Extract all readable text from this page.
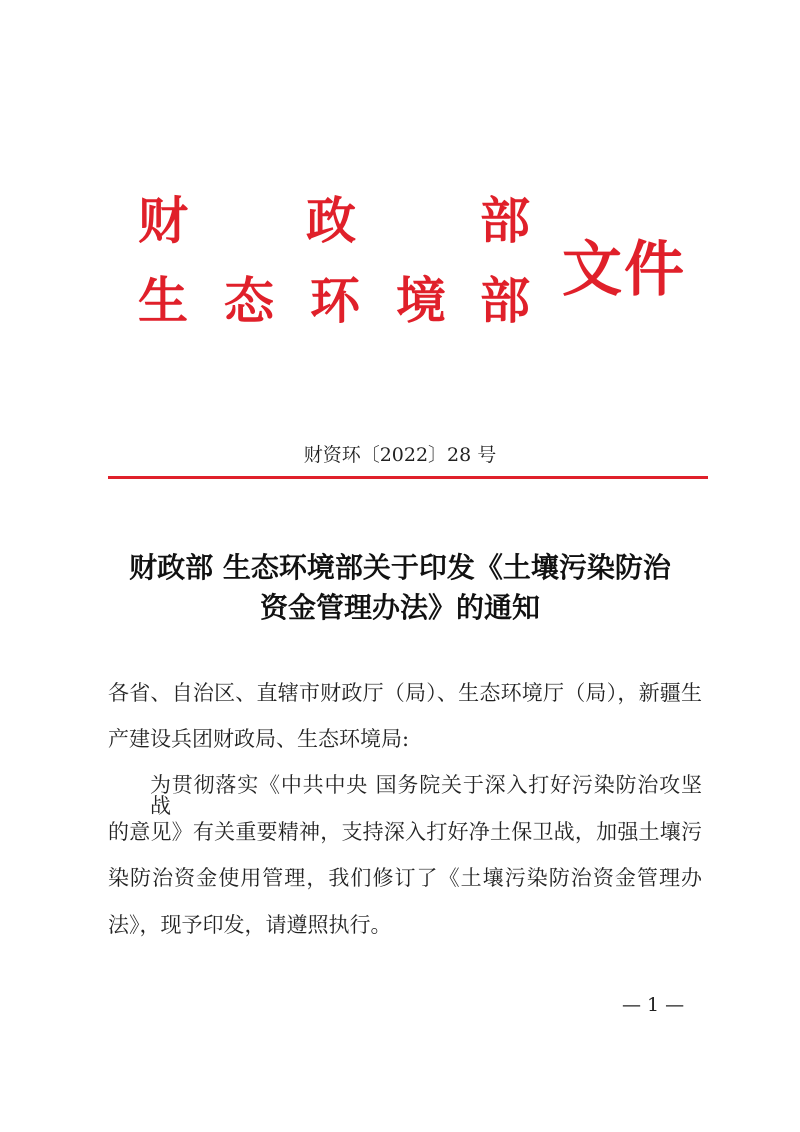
财 政 部
生 态 环 境 部 文件
财资环〔2022〕28 号
财政部 生态环境部关于印发《土壤污染防治
资金管理办法》的通知
各省、自治区、直辖市财政厅（局）、生态环境厅（局），新疆生
产建设兵团财政局、生态环境局:
为贯彻落实《中共中央 国务院关于深入打好污染防治攻坚战
的意见》有关重要精神，支持深入打好净土保卫战，加强土壤污
染防治资金使用管理，我们修订了《土壤污染防治资金管理办
法》，现予印发，请遵照执行。
— 1 —
